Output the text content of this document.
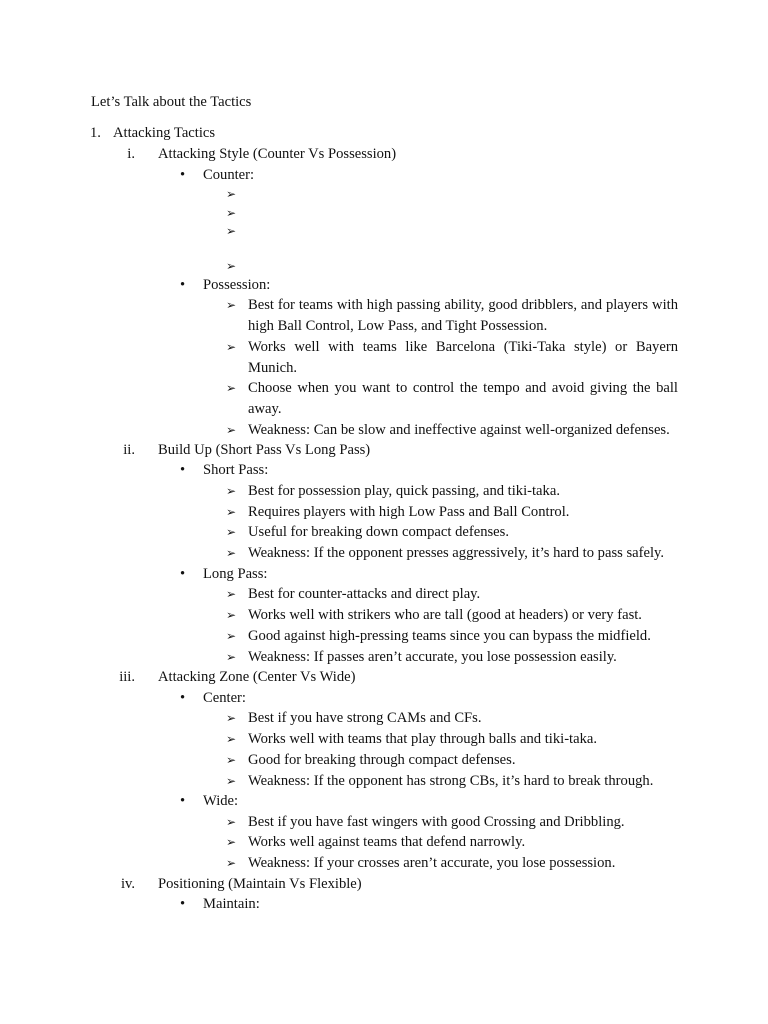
Let’s Talk about the Tactics
1. Attacking Tactics
i. Attacking Style (Counter Vs Possession)
• Counter:
➢

➢

➢

➢

• Possession:
➢ Best for teams with high passing ability, good dribblers, and players with high Ball Control, Low Pass, and Tight Possession.
➢ Works well with teams like Barcelona (Tiki-Taka style) or Bayern Munich.
➢ Choose when you want to control the tempo and avoid giving the ball away.
➢ Weakness: Can be slow and ineffective against well-organized defenses.
ii. Build Up (Short Pass Vs Long Pass)
• Short Pass:
➢ Best for possession play, quick passing, and tiki-taka.
➢ Requires players with high Low Pass and Ball Control.
➢ Useful for breaking down compact defenses.
➢ Weakness: If the opponent presses aggressively, it’s hard to pass safely.
• Long Pass:
➢ Best for counter-attacks and direct play.
➢ Works well with strikers who are tall (good at headers) or very fast.
➢ Good against high-pressing teams since you can bypass the midfield.
➢ Weakness: If passes aren’t accurate, you lose possession easily.
iii. Attacking Zone (Center Vs Wide)
• Center:
➢ Best if you have strong CAMs and CFs.
➢ Works well with teams that play through balls and tiki-taka.
➢ Good for breaking through compact defenses.
➢ Weakness: If the opponent has strong CBs, it’s hard to break through.
• Wide:
➢ Best if you have fast wingers with good Crossing and Dribbling.
➢ Works well against teams that defend narrowly.
➢ Weakness: If your crosses aren’t accurate, you lose possession.
iv. Positioning (Maintain Vs Flexible)
• Maintain:
